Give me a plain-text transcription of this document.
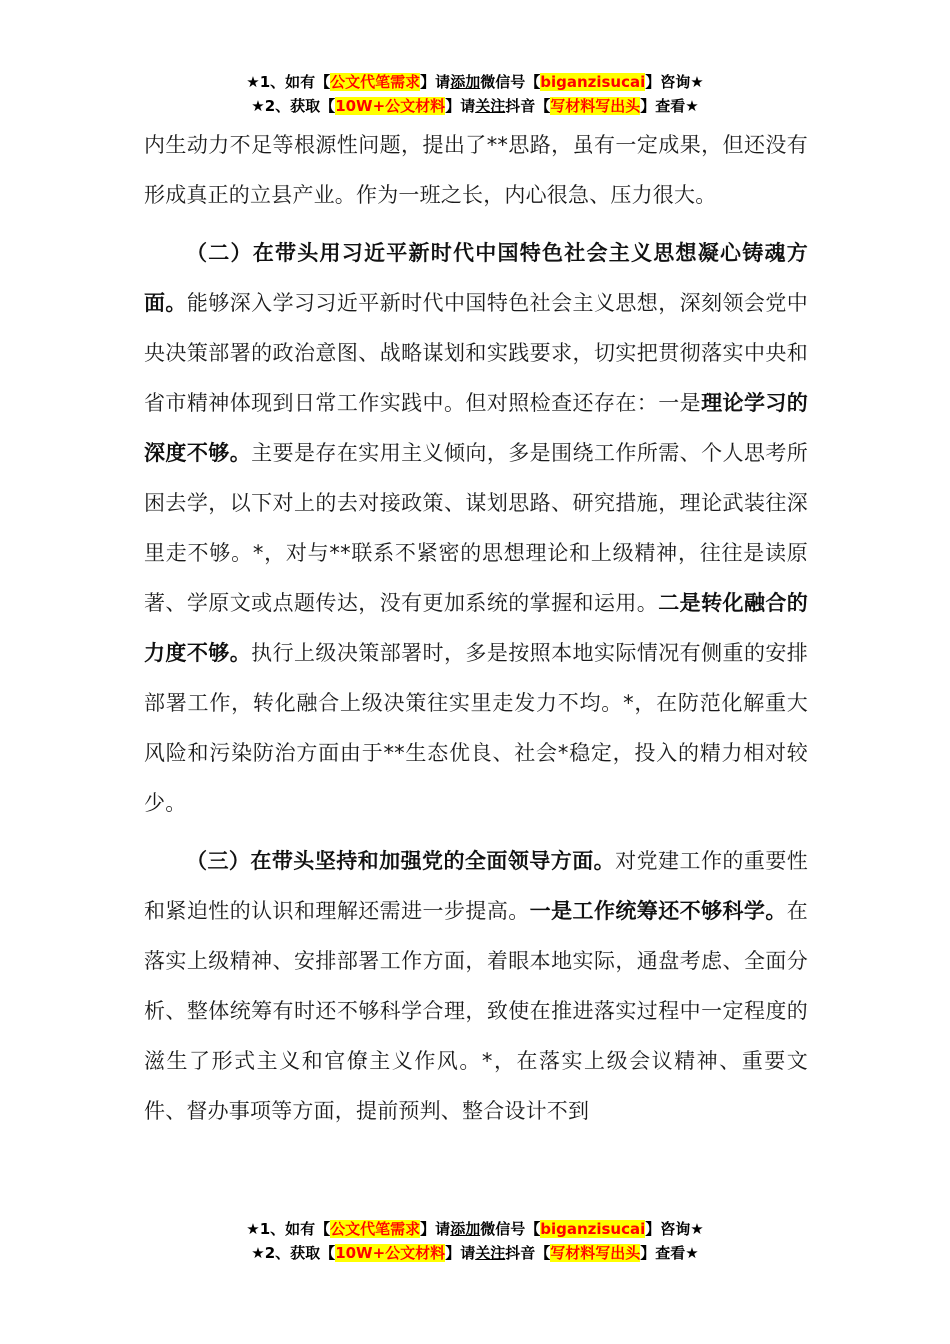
★1、如有【公文代笔需求】请添加微信号【biganzisucai】咨询★
★2、获取【10W+公文材料】请关注抖音【写材料写出头】查看★

内生动力不足等根源性问题，提出了**思路，虽有一定成果，但还没有形成真正的立县产业。作为一班之长，内心很急、压力很大。

（二）在带头用习近平新时代中国特色社会主义思想凝心铸魂方面。能够深入学习习近平新时代中国特色社会主义思想，深刻领会党中央决策部署的政治意图、战略谋划和实践要求，切实把贯彻落实中央和省市精神体现到日常工作实践中。但对照检查还存在：一是理论学习的深度不够。主要是存在实用主义倾向，多是围绕工作所需、个人思考所困去学，以下对上的去对接政策、谋划思路、研究措施，理论武装往深里走不够。*，对与**联系不紧密的思想理论和上级精神，往往是读原著、学原文或点题传达，没有更加系统的掌握和运用。二是转化融合的力度不够。执行上级决策部署时，多是按照本地实际情况有侧重的安排部署工作，转化融合上级决策往实里走发力不均。*，在防范化解重大风险和污染防治方面由于**生态优良、社会*稳定，投入的精力相对较少。

（三）在带头坚持和加强党的全面领导方面。对党建工作的重要性和紧迫性的认识和理解还需进一步提高。一是工作统筹还不够科学。在落实上级精神、安排部署工作方面，着眼本地实际，通盘考虑、全面分析、整体统筹有时还不够科学合理，致使在推进落实过程中一定程度的滋生了形式主义和官僚主义作风。*，在落实上级会议精神、重要文件、督办事项等方面，提前预判、整合设计不到

★1、如有【公文代笔需求】请添加微信号【biganzisucai】咨询★
★2、获取【10W+公文材料】请关注抖音【写材料写出头】查看★
